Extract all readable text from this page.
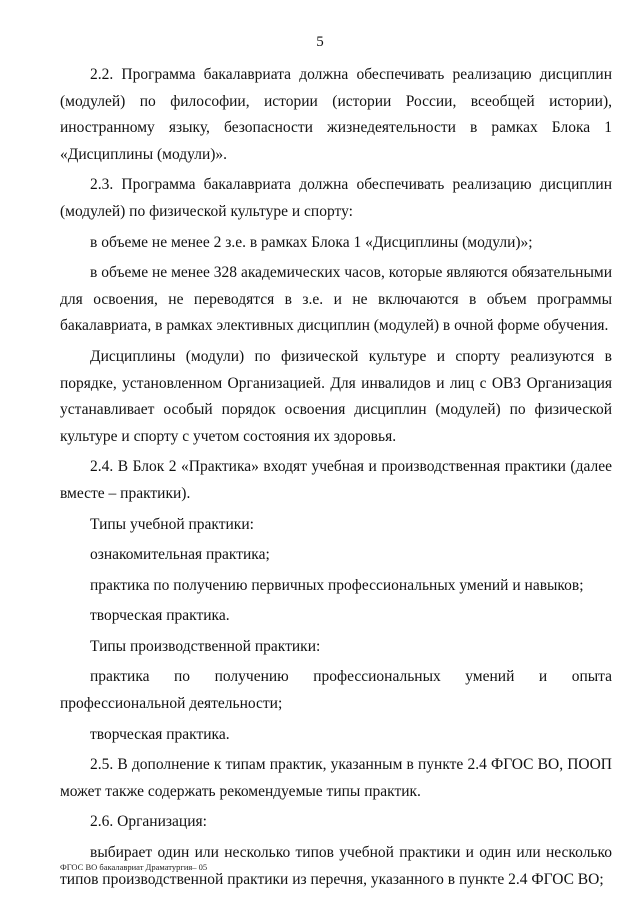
5

2.2. Программа бакалавриата должна обеспечивать реализацию дисциплин (модулей) по философии, истории (истории России, всеобщей истории), иностранному языку, безопасности жизнедеятельности в рамках Блока 1 «Дисциплины (модули)».

2.3. Программа бакалавриата должна обеспечивать реализацию дисциплин (модулей) по физической культуре и спорту:

в объеме не менее 2 з.е. в рамках Блока 1 «Дисциплины (модули)»;

в объеме не менее 328 академических часов, которые являются обязательными для освоения, не переводятся в з.е. и не включаются в объем программы бакалавриата, в рамках элективных дисциплин (модулей) в очной форме обучения.

Дисциплины (модули) по физической культуре и спорту реализуются в порядке, установленном Организацией. Для инвалидов и лиц с ОВЗ Организация устанавливает особый порядок освоения дисциплин (модулей) по физической культуре и спорту с учетом состояния их здоровья.

2.4. В Блок 2 «Практика» входят учебная и производственная практики (далее вместе – практики).

Типы учебной практики:

ознакомительная практика;

практика по получению первичных профессиональных умений и навыков;

творческая практика.

Типы производственной практики:

практика по получению профессиональных умений и опыта профессиональной деятельности;

творческая практика.

2.5. В дополнение к типам практик, указанным в пункте 2.4 ФГОС ВО, ПООП может также содержать рекомендуемые типы практик.

2.6. Организация:

выбирает один или несколько типов учебной практики и один или несколько типов производственной практики из перечня, указанного в пункте 2.4 ФГОС ВО;

ФГОС ВО бакалавриат Драматургия– 05
